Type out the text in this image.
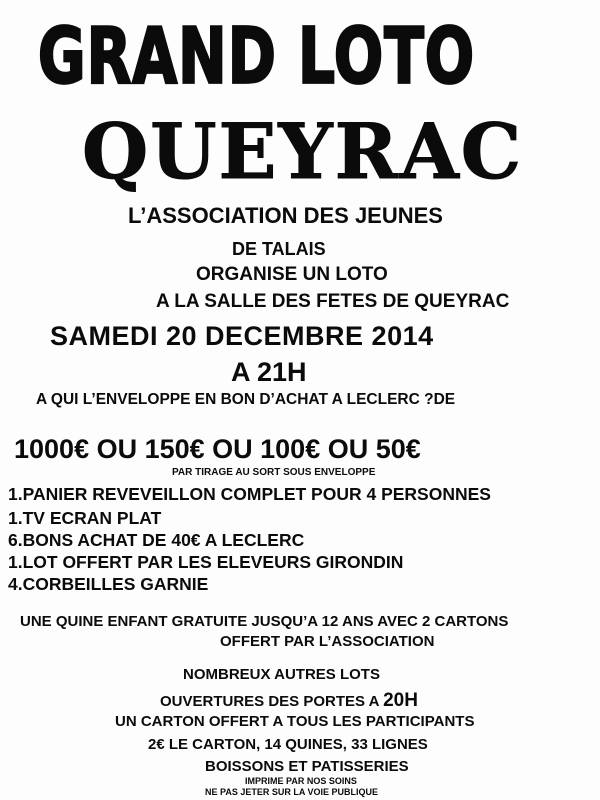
GRAND LOTO
QUEYRAC
L’ASSOCIATION DES JEUNES
DE TALAIS
ORGANISE UN LOTO
A LA SALLE DES FETES DE QUEYRAC
SAMEDI 20 DECEMBRE 2014
A 21H
A QUI L’ENVELOPPE EN BON D’ACHAT A LECLERC ?DE
1000€ OU 150€ OU 100€ OU 50€
PAR TIRAGE AU SORT SOUS ENVELOPPE
1.PANIER REVEVEILLON COMPLET POUR 4 PERSONNES
1.TV ECRAN PLAT
6.BONS ACHAT DE 40€ A LECLERC
1.LOT OFFERT PAR LES ELEVEURS GIRONDIN
4.CORBEILLES GARNIE
UNE QUINE ENFANT GRATUITE JUSQU’A 12 ANS AVEC 2 CARTONS
OFFERT PAR L’ASSOCIATION
NOMBREUX AUTRES LOTS
OUVERTURES DES PORTES A 20H
UN CARTON OFFERT A TOUS LES PARTICIPANTS
2€ LE CARTON, 14 QUINES, 33 LIGNES
BOISSONS ET PATISSERIES
IMPRIME PAR NOS SOINS
NE PAS JETER SUR LA VOIE PUBLIQUE
